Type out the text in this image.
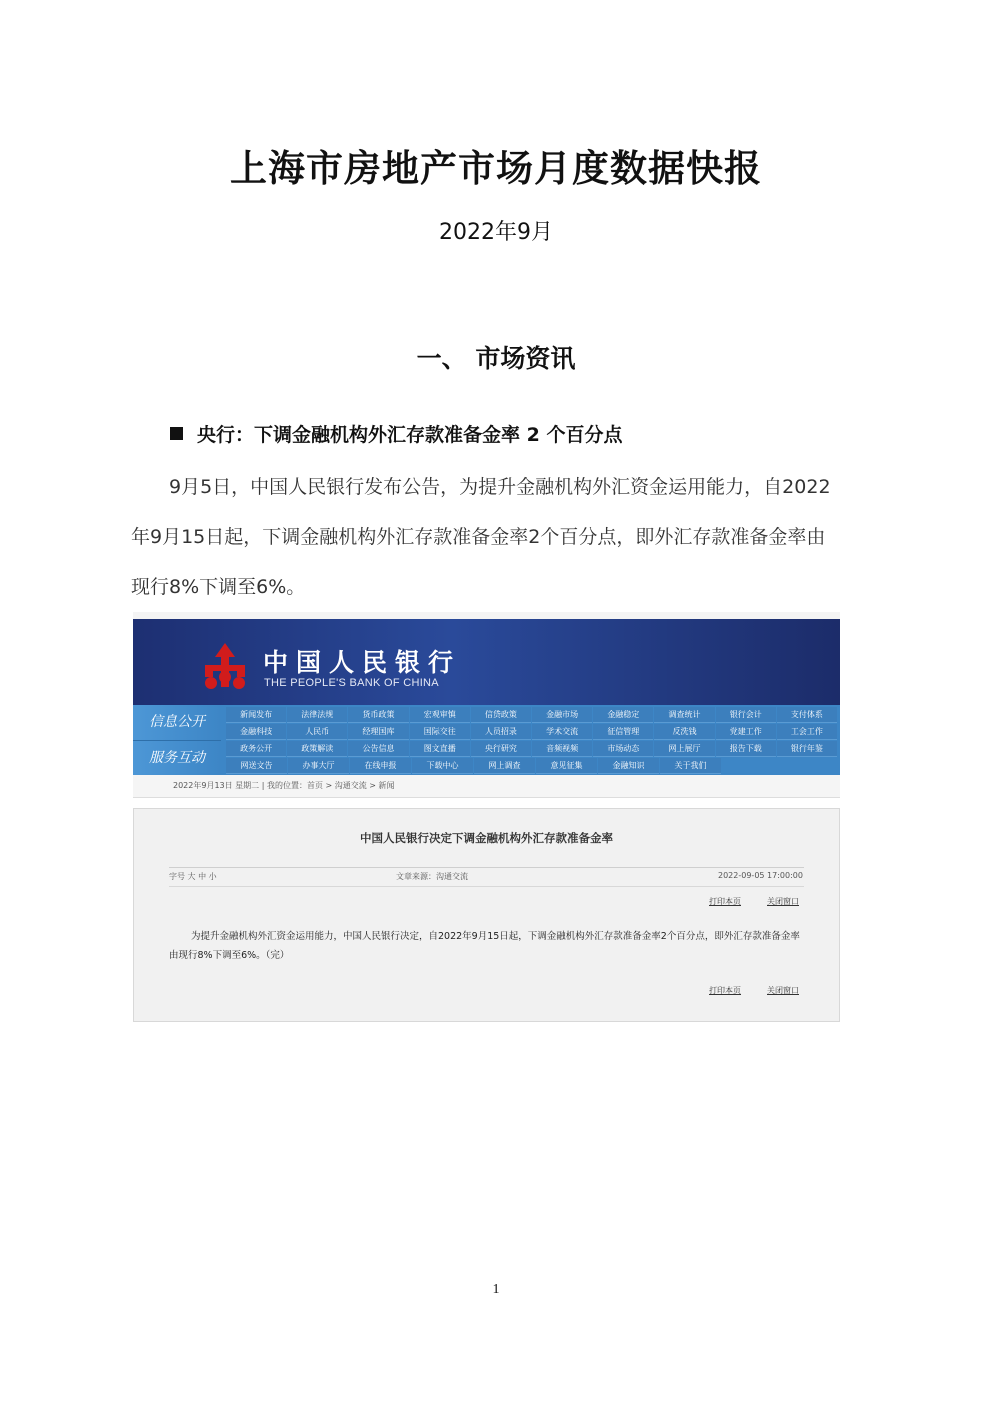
上海市房地产市场月度数据快报
2022年9月
一、 市场资讯
央行：下调金融机构外汇存款准备金率 2 个百分点
9月5日，中国人民银行发布公告，为提升金融机构外汇资金运用能力，自2022年9月15日起，下调金融机构外汇存款准备金率2个百分点，即外汇存款准备金率由现行8%下调至6%。
中国人民银行
THE PEOPLE'S BANK OF CHINA
信息公开
服务互动
新闻发布	法律法规	货币政策	宏观审慎	信贷政策	金融市场	金融稳定	调查统计	银行会计	支付体系
金融科技	人民币	经理国库	国际交往	人员招录	学术交流	征信管理	反洗钱	党建工作	工会工作
政务公开	政策解读	公告信息	图文直播	央行研究	音频视频	市场动态	网上展厅	报告下载	银行年鉴
网送文告	办事大厅	在线申报	下载中心	网上调查	意见征集	金融知识	关于我们
2022年9月13日 星期二 | 我的位置：首页 > 沟通交流 > 新闻
中国人民银行决定下调金融机构外汇存款准备金率
字号 大 中 小	文章来源：沟通交流	2022-09-05 17:00:00
打印本页	关闭窗口
为提升金融机构外汇资金运用能力，中国人民银行决定，自2022年9月15日起，下调金融机构外汇存款准备金率2个百分点，即外汇存款准备金率由现行8%下调至6%。（完）
打印本页	关闭窗口
1
